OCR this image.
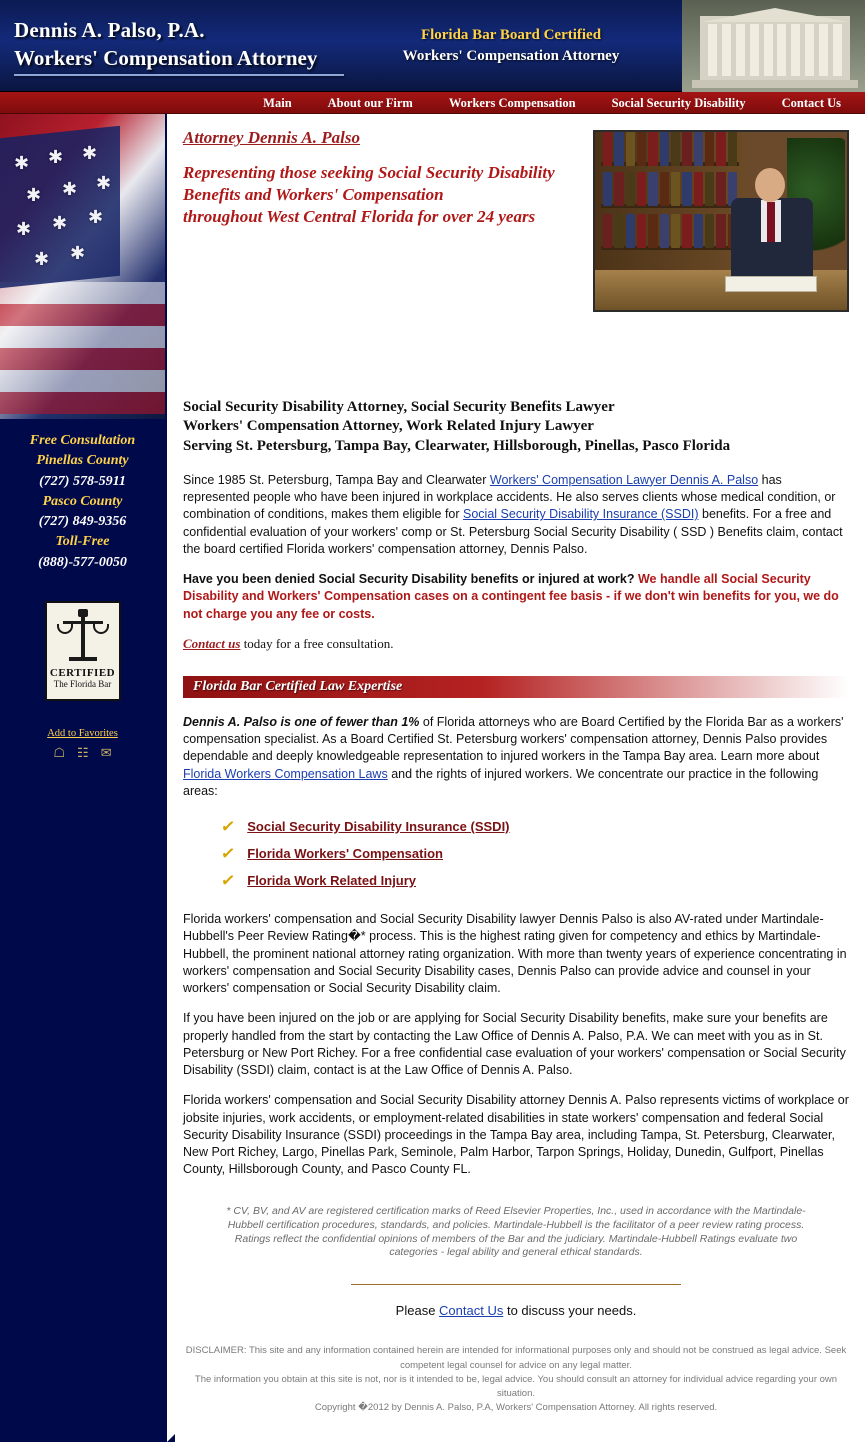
Dennis A. Palso, P.A.
Workers' Compensation Attorney
Florida Bar Board Certified
Workers' Compensation Attorney
Main	About our Firm	Workers Compensation	Social Security Disability	Contact Us
✱ ✱ ✱
✱ ✱ ✱
✱ ✱ ✱
✱ ✱
Free Consultation
Pinellas County
(727) 578-5911
Pasco County
(727) 849-9356
Toll-Free
(888)-577-0050
CERTIFIED
The Florida Bar
Add to Favorites
☖ ☷ ✉
Attorney Dennis A. Palso
Representing those seeking Social Security Disability Benefits and Workers' Compensation
throughout West Central Florida for over 24 years
Social Security Disability Attorney, Social Security Benefits Lawyer
Workers' Compensation Attorney, Work Related Injury Lawyer
Serving St. Petersburg, Tampa Bay, Clearwater, Hillsborough, Pinellas, Pasco Florida

Since 1985 St. Petersburg, Tampa Bay and Clearwater Workers' Compensation Lawyer Dennis A. Palso has represented people who have been injured in workplace accidents. He also serves clients whose medical condition, or combination of conditions, makes them eligible for Social Security Disability Insurance (SSDI) benefits. For a free and confidential evaluation of your workers' comp or St. Petersburg Social Security Disability ( SSD ) Benefits claim, contact the board certified Florida workers' compensation attorney, Dennis Palso.

Have you been denied Social Security Disability benefits or injured at work? We handle all Social Security Disability and Workers' Compensation cases on a contingent fee basis - if we don't win benefits for you, we do not charge you any fee or costs.

Contact us today for a free consultation.

Florida Bar Certified Law Expertise

Dennis A. Palso is one of fewer than 1% of Florida attorneys who are Board Certified by the Florida Bar as a workers' compensation specialist. As a Board Certified St. Petersburg workers' compensation attorney, Dennis Palso provides dependable and deeply knowledgeable representation to injured workers in the Tampa Bay area. Learn more about Florida Workers Compensation Laws and the rights of injured workers. We concentrate our practice in the following areas:

✓ Social Security Disability Insurance (SSDI)
✓ Florida Workers' Compensation
✓ Florida Work Related Injury

Florida workers' compensation and Social Security Disability lawyer Dennis Palso is also AV-rated under Martindale-Hubbell's Peer Review Rating�* process. This is the highest rating given for competency and ethics by Martindale-Hubbell, the prominent national attorney rating organization. With more than twenty years of experience concentrating in workers' compensation and Social Security Disability cases, Dennis Palso can provide advice and counsel in your workers' compensation or Social Security Disability claim.

If you have been injured on the job or are applying for Social Security Disability benefits, make sure your benefits are properly handled from the start by contacting the Law Office of Dennis A. Palso, P.A. We can meet with you as in St. Petersburg or New Port Richey. For a free confidential case evaluation of your workers' compensation or Social Security Disability (SSDI) claim, contact is at the Law Office of Dennis A. Palso.

Florida workers' compensation and Social Security Disability attorney Dennis A. Palso represents victims of workplace or jobsite injuries, work accidents, or employment-related disabilities in state workers' compensation and federal Social Security Disability Insurance (SSDI) proceedings in the Tampa Bay area, including Tampa, St. Petersburg, Clearwater, New Port Richey, Largo, Pinellas Park, Seminole, Palm Harbor, Tarpon Springs, Holiday, Dunedin, Gulfport, Pinellas County, Hillsborough County, and Pasco County FL.

* CV, BV, and AV are registered certification marks of Reed Elsevier Properties, Inc., used in accordance with the Martindale-Hubbell certification procedures, standards, and policies. Martindale-Hubbell is the facilitator of a peer review rating process. Ratings reflect the confidential opinions of members of the Bar and the judiciary. Martindale-Hubbell Ratings evaluate two categories - legal ability and general ethical standards.
Please Contact Us to discuss your needs.
DISCLAIMER: This site and any information contained herein are intended for informational purposes only and should not be construed as legal advice. Seek competent legal counsel for advice on any legal matter.
The information you obtain at this site is not, nor is it intended to be, legal advice. You should consult an attorney for individual advice regarding your own situation.
Copyright �2012 by Dennis A. Palso, P.A, Workers' Compensation Attorney. All rights reserved.
